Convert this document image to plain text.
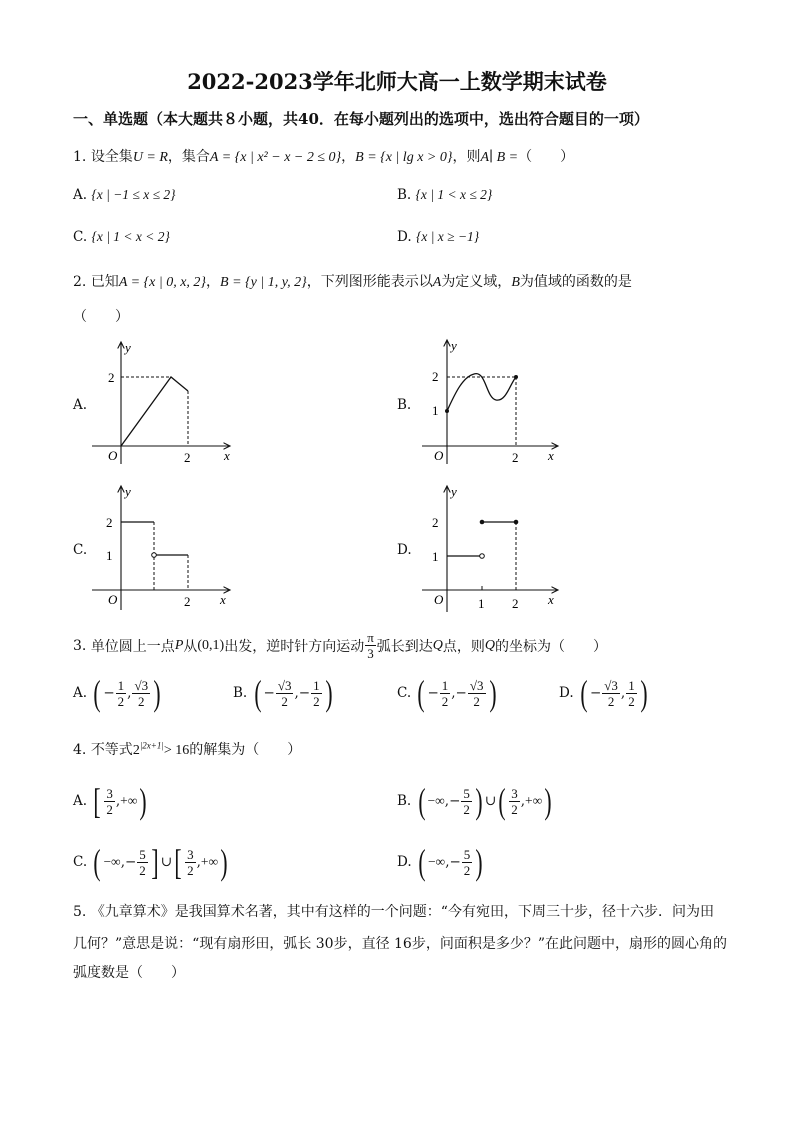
2022-2023学年北师大高一上数学期末试卷
一、单选题（本大题共８小题，共40．在每小题列出的选项中，选出符合题目的一项）
1. 设全集U = R，集合A = {x | x² − x − 2 ≤ 0}，B = {x | lg x > 0}，则A∣ B =（　　）
A. {x | −1 ≤ x ≤ 2}	B. {x | 1 < x ≤ 2}
C. {x | 1 < x < 2}	D. {x | x ≥ −1}
2. 已知A = {x | 0, x, 2}，B = {y | 1, y, 2}，下列图形能表示以A为定义域，B为值域的函数的是
（　　）
A.	B.
C.	D.
y
x
O
2
2
y
x
O
2
1
2
y
x
O
2
1
2
y
x
O
2
1
1 2
3.
单位圆上一点 P 从 (0,1) 出发，逆时针方向运动 $\frac{\pi}{3}$ 弧长到达 Q 点，则 Q 的坐标为（　　）
A.
( − $\frac{1}{2}$ , $\frac{√3}{2}$ )	B.
( − $\frac{√3}{2}$ , − $\frac{1}{2}$ )	C.
( − $\frac{1}{2}$ , − $\frac{√3}{2}$ )	D.
( − $\frac{√3}{2}$ , $\frac{1}{2}$ )
4. 不等式$2^{|2x+1|}> 16$的解集为（　　）
A.
[ $\frac{3}{2}$ , +∞ )	B.
( −∞ , − $\frac{5}{2}$ ) ∪ ( $\frac{3}{2}$ , +∞ )
C.
( −∞ , − $\frac{5}{2}$ ] ∪ [ $\frac{3}{2}$ , +∞ )	D.
( −∞ , − $\frac{5}{2}$ )
5. 《九章算术》是我国算术名著，其中有这样的一个问题：“今有宛田，下周三十步，径十六步．问为田
几何？”意思是说：“现有扇形田，弧长 30步，直径 16步，问面积是多少？”在此问题中，扇形的圆心角的
弧度数是（　　）
